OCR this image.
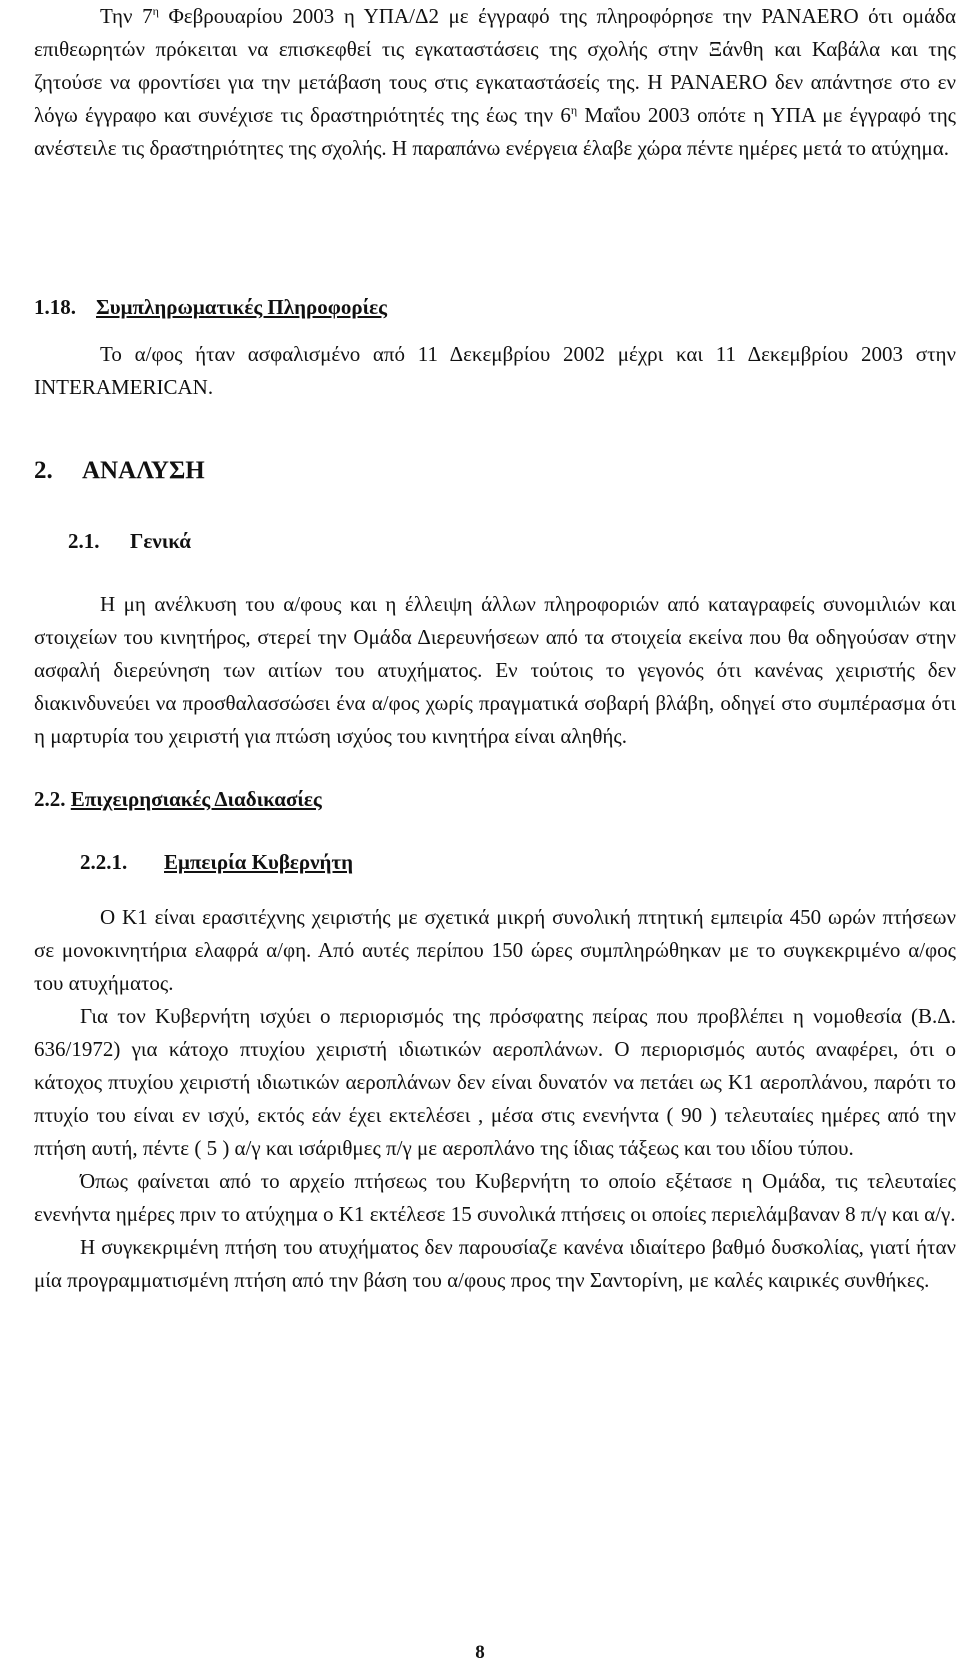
Την $7^\eta$ Φεβρουαρίου 2003 η ΥΠΑ/Δ2 με έγγραφό της πληροφόρησε την PANAERO ότι ομάδα επιθεωρητών πρόκειται να επισκεφθεί τις εγκαταστάσεις της σχολής στην Ξάνθη και Καβάλα και της ζητούσε να φροντίσει για την μετάβαση τους στις εγκαταστάσείς της. Η PANAERO δεν απάντησε στο εν λόγω έγγραφο και συνέχισε τις δραστηριότητές της έως την $6^\eta$ Μαΐου 2003 οπότε η ΥΠΑ με έγγραφό της ανέστειλε τις δραστηριότητες της σχολής. Η παραπάνω ενέργεια έλαβε χώρα πέντε ημέρες μετά το ατύχημα.

1.18. Συμπληρωματικές Πληροφορίες

Το α/φος ήταν ασφαλισμένο από 11 Δεκεμβρίου 2002 μέχρι και 11 Δεκεμβρίου 2003 στην INTERAMERICAN.

2. ΑΝΑΛΥΣΗ

2.1. Γενικά

Η μη ανέλκυση του α/φους και η έλλειψη άλλων πληροφοριών από καταγραφείς συνομιλιών και στοιχείων του κινητήρος, στερεί την Ομάδα Διερευνήσεων από τα στοιχεία εκείνα που θα οδηγούσαν στην ασφαλή διερεύνηση των αιτίων του ατυχήματος. Εν τούτοις το γεγονός ότι κανένας χειριστής δεν διακινδυνεύει να προσθαλασσώσει ένα α/φος χωρίς πραγματικά σοβαρή βλάβη, οδηγεί στο συμπέρασμα ότι η μαρτυρία του χειριστή για πτώση ισχύος του κινητήρα είναι αληθής.

2.2. Επιχειρησιακές Διαδικασίες

2.2.1. Εμπειρία Κυβερνήτη

Ο Κ1 είναι ερασιτέχνης χειριστής με σχετικά μικρή συνολική πτητική εμπειρία 450 ωρών πτήσεων σε μονοκινητήρια ελαφρά α/φη. Από αυτές περίπου 150 ώρες συμπληρώθηκαν με το συγκεκριμένο α/φος του ατυχήματος.

Για τον Κυβερνήτη ισχύει ο περιορισμός της πρόσφατης πείρας που προβλέπει η νομοθεσία (Β.Δ. 636/1972) για κάτοχο πτυχίου χειριστή ιδιωτικών αεροπλάνων. Ο περιορισμός αυτός αναφέρει, ότι ο κάτοχος πτυχίου χειριστή ιδιωτικών αεροπλάνων δεν είναι δυνατόν να πετάει ως Κ1 αεροπλάνου, παρότι το πτυχίο του είναι εν ισχύ, εκτός εάν έχει εκτελέσει , μέσα στις ενενήντα ( 90 ) τελευταίες ημέρες από την πτήση αυτή, πέντε ( 5 ) α/γ και ισάριθμες π/γ με αεροπλάνο της ίδιας τάξεως και του ιδίου τύπου.

Όπως φαίνεται από το αρχείο πτήσεως του Κυβερνήτη το οποίο εξέτασε η Ομάδα, τις τελευταίες ενενήντα ημέρες πριν το ατύχημα ο Κ1 εκτέλεσε 15 συνολικά πτήσεις οι οποίες περιελάμβαναν 8 π/γ και α/γ.

Η συγκεκριμένη πτήση του ατυχήματος δεν παρουσίαζε κανένα ιδιαίτερο βαθμό δυσκολίας, γιατί ήταν μία προγραμματισμένη πτήση από την βάση του α/φους προς την Σαντορίνη, με καλές καιρικές συνθήκες.

8
